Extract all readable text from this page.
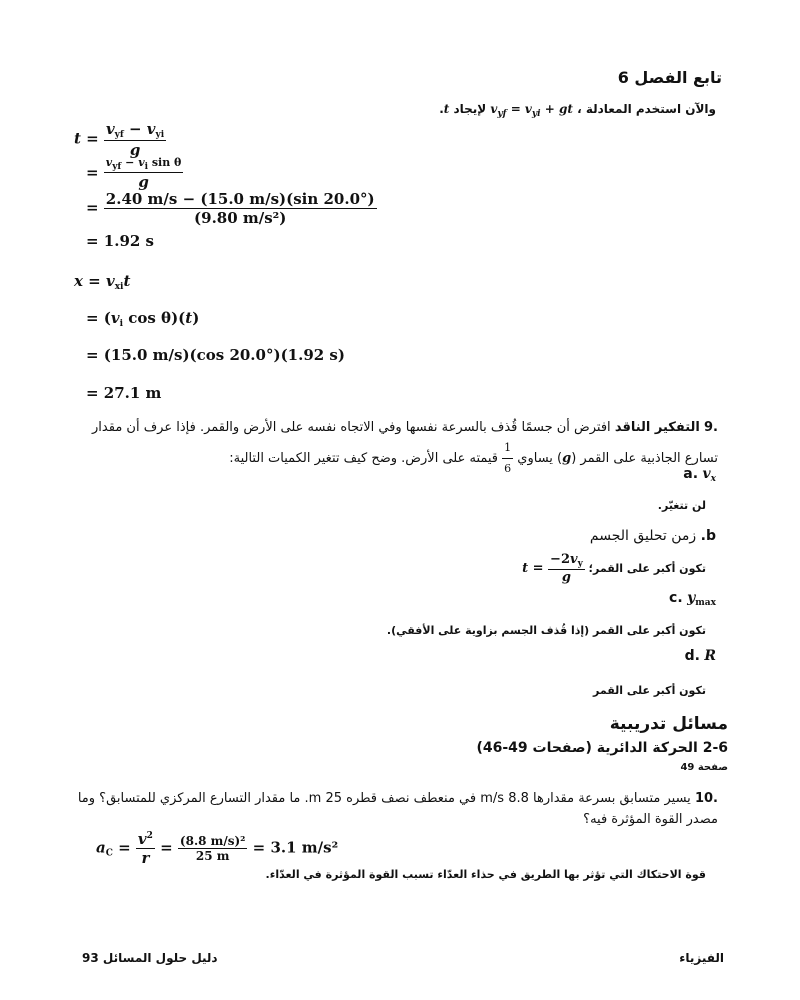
تابع الفصل 6
والآن استخدم المعادلة ، $v_{yf} = v_{yi}$ + gt لإيجاد t.
$t = \frac{v_{yf} - v_{yi}}{g}$
= $\frac{v_{yf} - v_i \sin \theta}{g}$
= $\frac{2.40 m/s - (15.0 m/s)(\sin 20.0^\circ)}{\text{(9.80 m/s²)}}$
= 1.92 s
$x = v_{xi}t$
= ($v_i$ cos θ)(t)
= (15.0 m/s)(cos 20.0°)(1.92 s)
= 27.1 m
.9 التفكير الناقد افترض أن جسمًا قُذف بالسرعة نفسها وفي الاتجاه نفسه على الأرض والقمر. فإذا عرف أن مقدار
تسارع الجاذبية على القمر (g) يساوي
$\frac{1}{6}$
قيمته على الأرض. وضح كيف تتغير الكميات التالية:
a. $v_x$
لن تتغيّر.
b. زمن تحليق الجسم
تكون أكبر على القمر؛ $t = \frac{-2v_y}{g}$
c. $y_{max}$
تكون أكبر على القمر (إذا قُذف الجسم بزاوية على الأفقي).
d. R
تكون أكبر على القمر
مسائل تدريبية
2-6 الحركة الدائرية (صفحات 49-46)
صفحة 49
.10 يسير متسابق بسرعة مقدارها 8.8 m/s في منعطف نصف قطره 25 m. ما مقدار التسارع المركزي للمتسابق؟ وما
مصدر القوة المؤثرة فيه؟
$a_C = \frac{v^2}{r} = \frac{\text{(8.8 m/s)²}}{25 m} = 3.1$ m/s²
قوة الاحتكاك التي تؤثر بها الطريق في حذاء العدّاء تسبب القوة المؤثرة في العدّاء.
دليل حلول المسائل 93	الفيزياء
